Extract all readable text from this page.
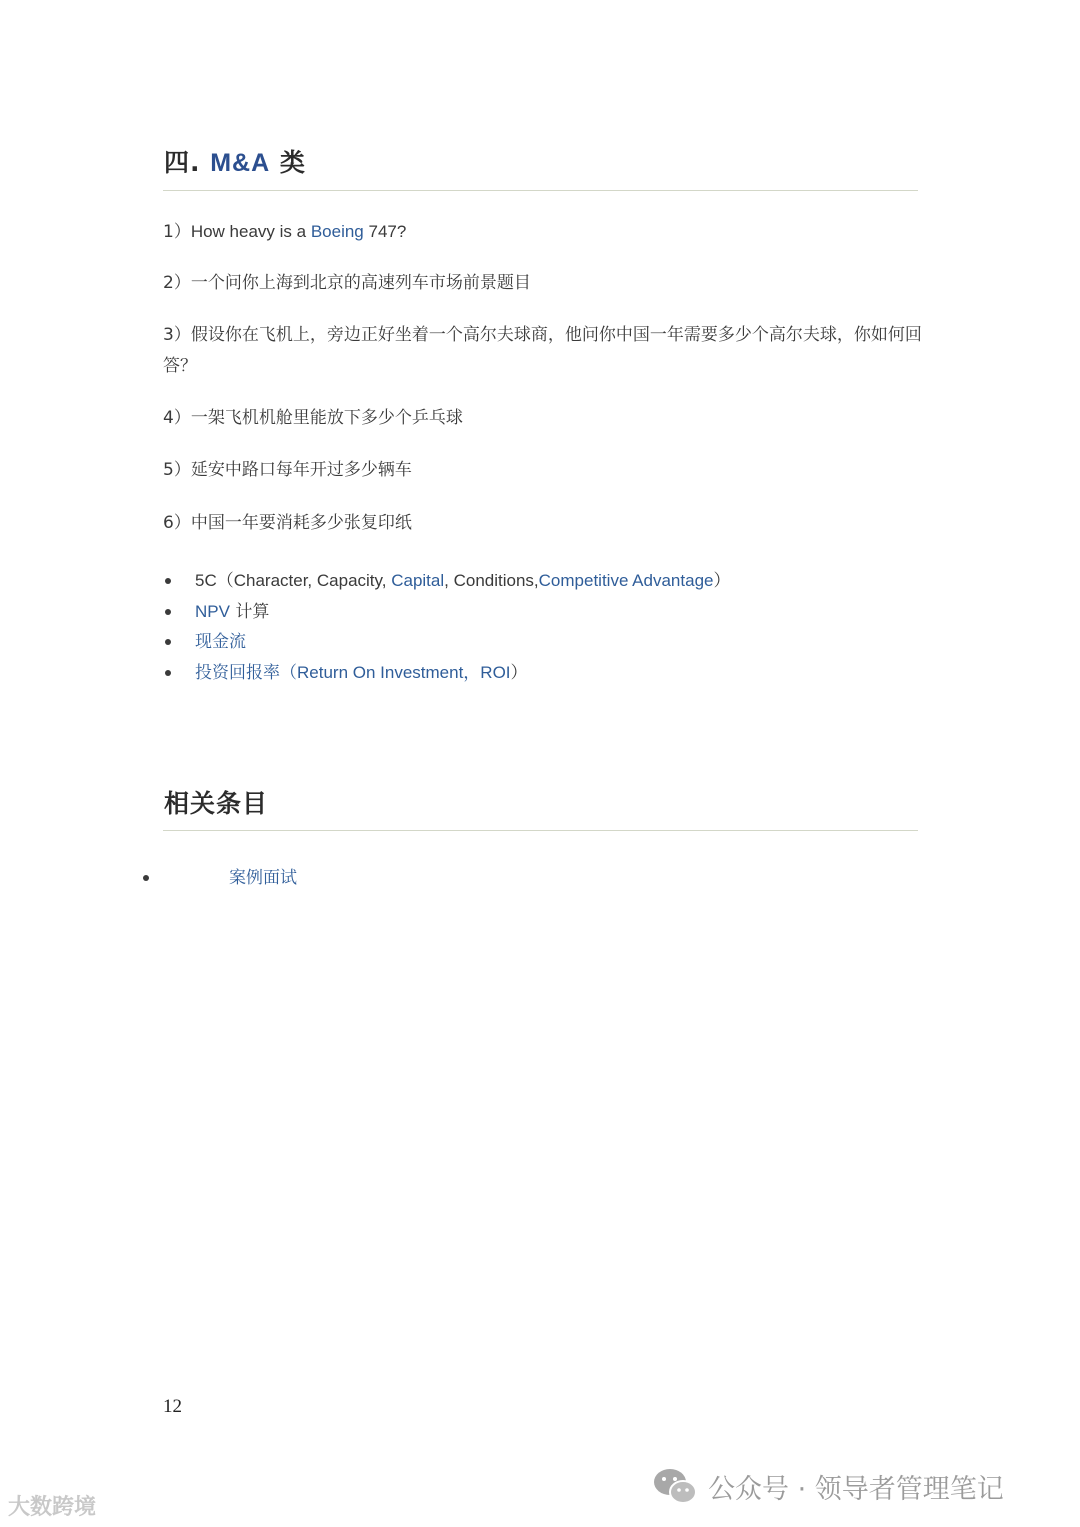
四. M&A 类
1）How heavy is a Boeing 747?
2）一个问你上海到北京的高速列车市场前景题目
3）假设你在飞机上，旁边正好坐着一个高尔夫球商，他问你中国一年需要多少个高尔夫球，你如何回答？
4）一架飞机机舱里能放下多少个乒乓球
5）延安中路口每年开过多少辆车
6）中国一年要消耗多少张复印纸
5C（Character, Capacity, Capital, Conditions,Competitive Advantage）
NPV 计算
现金流
投资回报率（Return On Investment，ROI）
相关条目
案例面试
12
大数跨境
公众号 · 领导者管理笔记
